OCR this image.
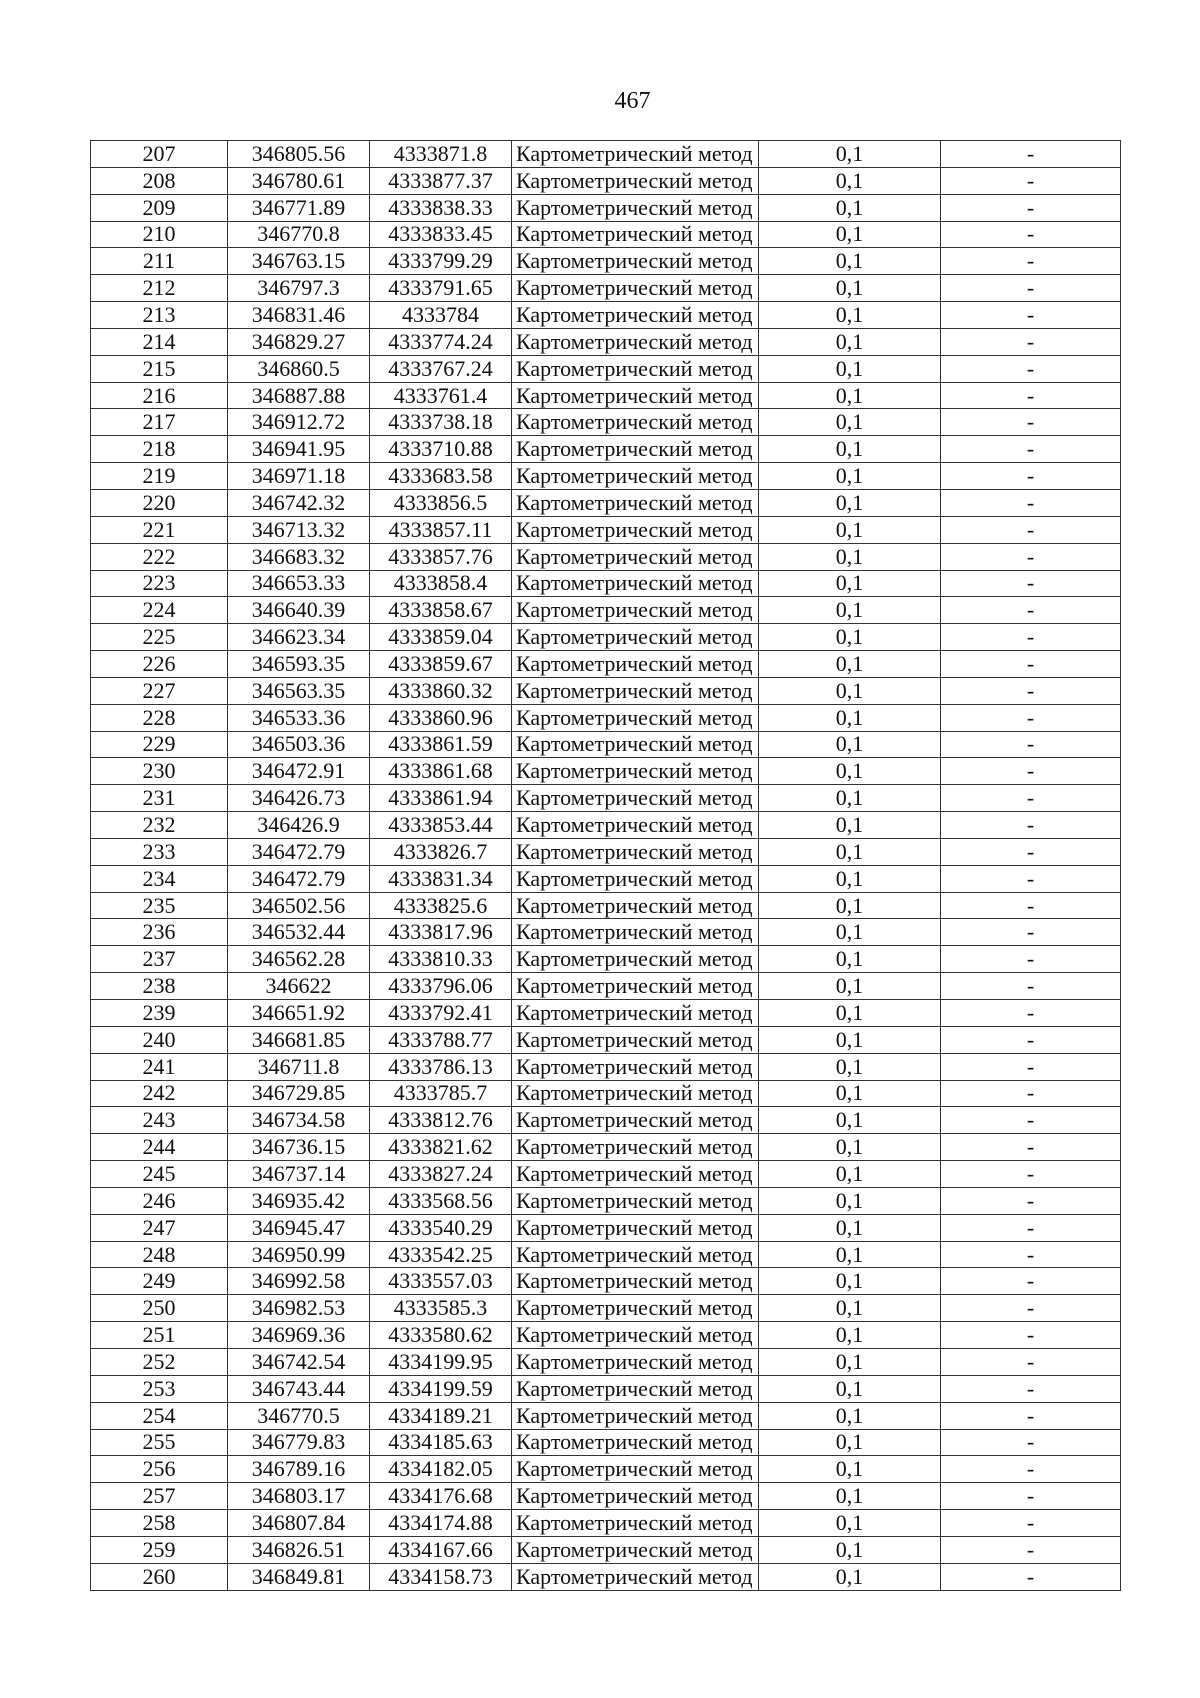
467
207	346805.56	4333871.8	Картометрический метод	0,1	-
208	346780.61	4333877.37	Картометрический метод	0,1	-
209	346771.89	4333838.33	Картометрический метод	0,1	-
210	346770.8	4333833.45	Картометрический метод	0,1	-
211	346763.15	4333799.29	Картометрический метод	0,1	-
212	346797.3	4333791.65	Картометрический метод	0,1	-
213	346831.46	4333784	Картометрический метод	0,1	-
214	346829.27	4333774.24	Картометрический метод	0,1	-
215	346860.5	4333767.24	Картометрический метод	0,1	-
216	346887.88	4333761.4	Картометрический метод	0,1	-
217	346912.72	4333738.18	Картометрический метод	0,1	-
218	346941.95	4333710.88	Картометрический метод	0,1	-
219	346971.18	4333683.58	Картометрический метод	0,1	-
220	346742.32	4333856.5	Картометрический метод	0,1	-
221	346713.32	4333857.11	Картометрический метод	0,1	-
222	346683.32	4333857.76	Картометрический метод	0,1	-
223	346653.33	4333858.4	Картометрический метод	0,1	-
224	346640.39	4333858.67	Картометрический метод	0,1	-
225	346623.34	4333859.04	Картометрический метод	0,1	-
226	346593.35	4333859.67	Картометрический метод	0,1	-
227	346563.35	4333860.32	Картометрический метод	0,1	-
228	346533.36	4333860.96	Картометрический метод	0,1	-
229	346503.36	4333861.59	Картометрический метод	0,1	-
230	346472.91	4333861.68	Картометрический метод	0,1	-
231	346426.73	4333861.94	Картометрический метод	0,1	-
232	346426.9	4333853.44	Картометрический метод	0,1	-
233	346472.79	4333826.7	Картометрический метод	0,1	-
234	346472.79	4333831.34	Картометрический метод	0,1	-
235	346502.56	4333825.6	Картометрический метод	0,1	-
236	346532.44	4333817.96	Картометрический метод	0,1	-
237	346562.28	4333810.33	Картометрический метод	0,1	-
238	346622	4333796.06	Картометрический метод	0,1	-
239	346651.92	4333792.41	Картометрический метод	0,1	-
240	346681.85	4333788.77	Картометрический метод	0,1	-
241	346711.8	4333786.13	Картометрический метод	0,1	-
242	346729.85	4333785.7	Картометрический метод	0,1	-
243	346734.58	4333812.76	Картометрический метод	0,1	-
244	346736.15	4333821.62	Картометрический метод	0,1	-
245	346737.14	4333827.24	Картометрический метод	0,1	-
246	346935.42	4333568.56	Картометрический метод	0,1	-
247	346945.47	4333540.29	Картометрический метод	0,1	-
248	346950.99	4333542.25	Картометрический метод	0,1	-
249	346992.58	4333557.03	Картометрический метод	0,1	-
250	346982.53	4333585.3	Картометрический метод	0,1	-
251	346969.36	4333580.62	Картометрический метод	0,1	-
252	346742.54	4334199.95	Картометрический метод	0,1	-
253	346743.44	4334199.59	Картометрический метод	0,1	-
254	346770.5	4334189.21	Картометрический метод	0,1	-
255	346779.83	4334185.63	Картометрический метод	0,1	-
256	346789.16	4334182.05	Картометрический метод	0,1	-
257	346803.17	4334176.68	Картометрический метод	0,1	-
258	346807.84	4334174.88	Картометрический метод	0,1	-
259	346826.51	4334167.66	Картометрический метод	0,1	-
260	346849.81	4334158.73	Картометрический метод	0,1	-
